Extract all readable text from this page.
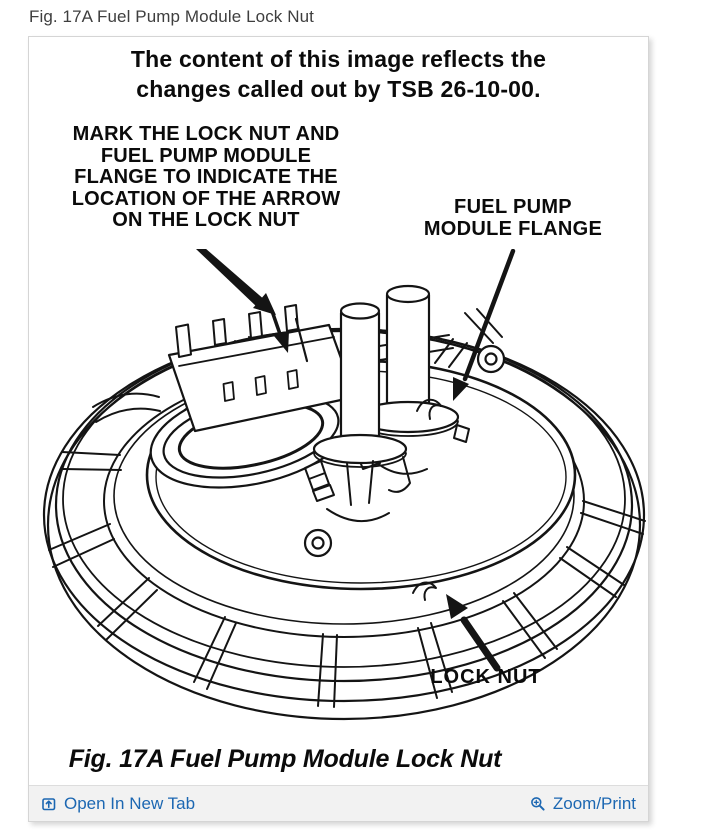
Fig. 17A Fuel Pump Module Lock Nut
The content of this image reflects the
changes called out by TSB 26-10-00.
MARK THE LOCK NUT AND
FUEL PUMP MODULE
FLANGE TO INDICATE THE
LOCATION OF THE ARROW
ON THE LOCK NUT
FUEL PUMP
MODULE FLANGE
LOCK NUT
Fig. 17A Fuel Pump Module Lock Nut
Open In New Tab	Zoom/Print
